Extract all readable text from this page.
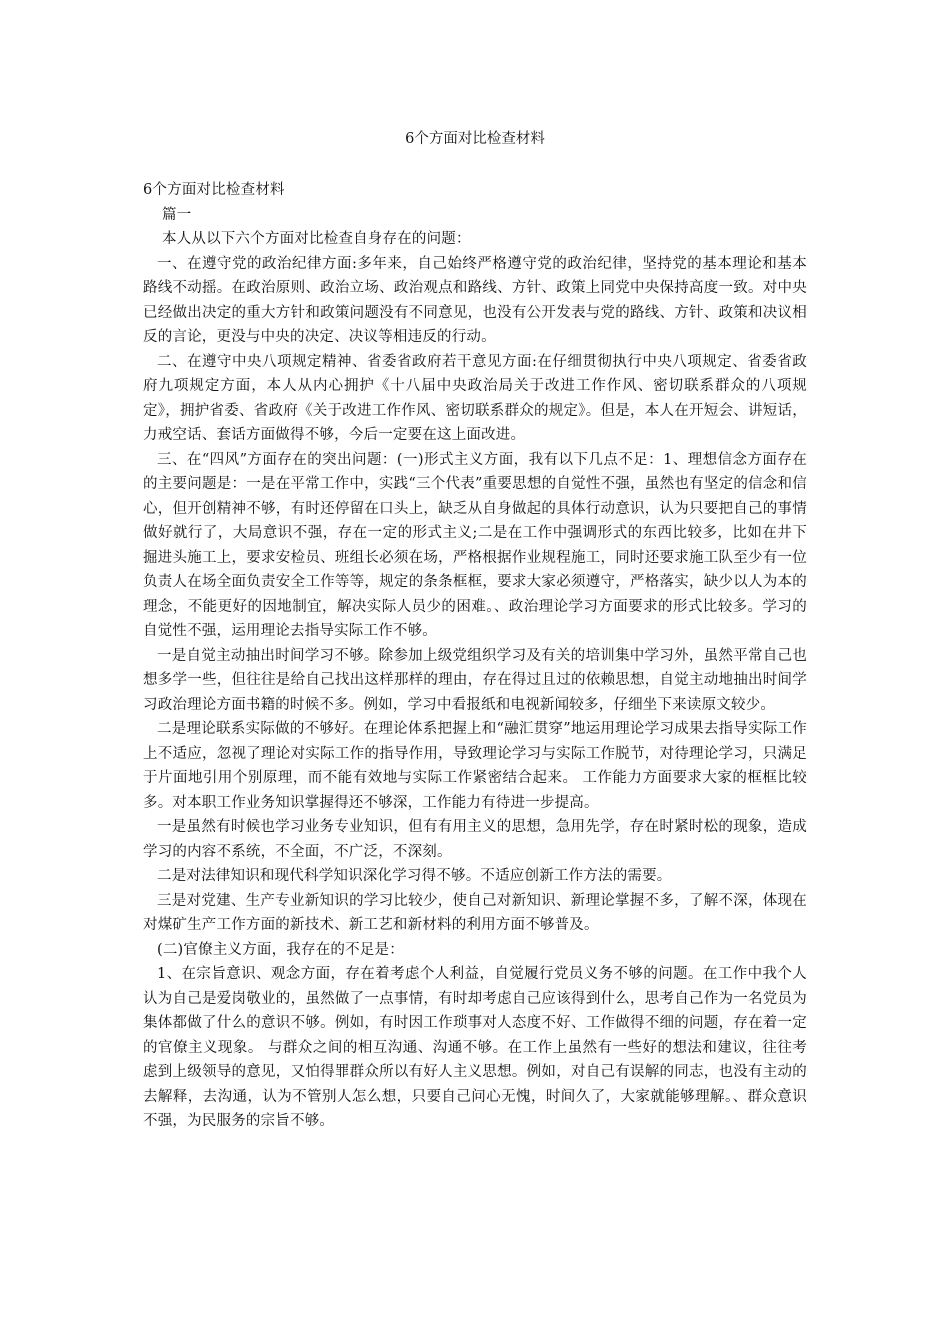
6个方面对比检查材料

6个方面对比检查材料

篇一

本人从以下六个方面对比检查自身存在的问题：

一、在遵守党的政治纪律方面:多年来，自己始终严格遵守党的政治纪律，坚持党的基本理论和基本路线不动摇。在政治原则、政治立场、政治观点和路线、方针、政策上同党中央保持高度一致。对中央已经做出决定的重大方针和政策问题没有不同意见，也没有公开发表与党的路线、方针、政策和决议相反的言论，更没与中央的决定、决议等相违反的行动。

二、在遵守中央八项规定精神、省委省政府若干意见方面:在仔细贯彻执行中央八项规定、省委省政府九项规定方面，本人从内心拥护《十八届中央政治局关于改进工作作风、密切联系群众的八项规定》，拥护省委、省政府《关于改进工作作风、密切联系群众的规定》。但是，本人在开短会、讲短话，力戒空话、套话方面做得不够，今后一定要在这上面改进。

三、在“四风”方面存在的突出问题：(一)形式主义方面，我有以下几点不足：1、理想信念方面存在的主要问题是：一是在平常工作中，实践“三个代表”重要思想的自觉性不强，虽然也有坚定的信念和信心，但开创精神不够，有时还停留在口头上，缺乏从自身做起的具体行动意识，认为只要把自己的事情做好就行了，大局意识不强，存在一定的形式主义;二是在工作中强调形式的东西比较多，比如在井下掘进头施工上，要求安检员、班组长必须在场，严格根据作业规程施工，同时还要求施工队至少有一位负责人在场全面负责安全工作等等，规定的条条框框，要求大家必须遵守，严格落实，缺少以人为本的理念，不能更好的因地制宜，解决实际人员少的困难。、政治理论学习方面要求的形式比较多。学习的自觉性不强，运用理论去指导实际工作不够。

一是自觉主动抽出时间学习不够。除参加上级党组织学习及有关的培训集中学习外，虽然平常自己也想多学一些，但往往是给自己找出这样那样的理由，存在得过且过的依赖思想，自觉主动地抽出时间学习政治理论方面书籍的时候不多。例如，学习中看报纸和电视新闻较多，仔细坐下来读原文较少。

二是理论联系实际做的不够好。在理论体系把握上和“融汇贯穿”地运用理论学习成果去指导实际工作上不适应，忽视了理论对实际工作的指导作用，导致理论学习与实际工作脱节，对待理论学习，只满足于片面地引用个别原理，而不能有效地与实际工作紧密结合起来。 工作能力方面要求大家的框框比较多。对本职工作业务知识掌握得还不够深，工作能力有待进一步提高。

一是虽然有时候也学习业务专业知识，但有有用主义的思想，急用先学，存在时紧时松的现象，造成学习的内容不系统，不全面，不广泛，不深刻。

二是对法律知识和现代科学知识深化学习得不够。不适应创新工作方法的需要。

三是对党建、生产专业新知识的学习比较少，使自己对新知识、新理论掌握不多，了解不深，体现在对煤矿生产工作方面的新技术、新工艺和新材料的利用方面不够普及。

(二)官僚主义方面，我存在的不足是：

1、在宗旨意识、观念方面，存在着考虑个人利益，自觉履行党员义务不够的问题。在工作中我个人认为自己是爱岗敬业的，虽然做了一点事情，有时却考虑自己应该得到什么，思考自己作为一名党员为集体都做了什么的意识不够。例如，有时因工作琐事对人态度不好、工作做得不细的问题，存在着一定的官僚主义现象。 与群众之间的相互沟通、沟通不够。在工作上虽然有一些好的想法和建议，往往考虑到上级领导的意见，又怕得罪群众所以有好人主义思想。例如，对自己有误解的同志，也没有主动的去解释，去沟通，认为不管别人怎么想，只要自己问心无愧，时间久了，大家就能够理解。、群众意识不强，为民服务的宗旨不够。
